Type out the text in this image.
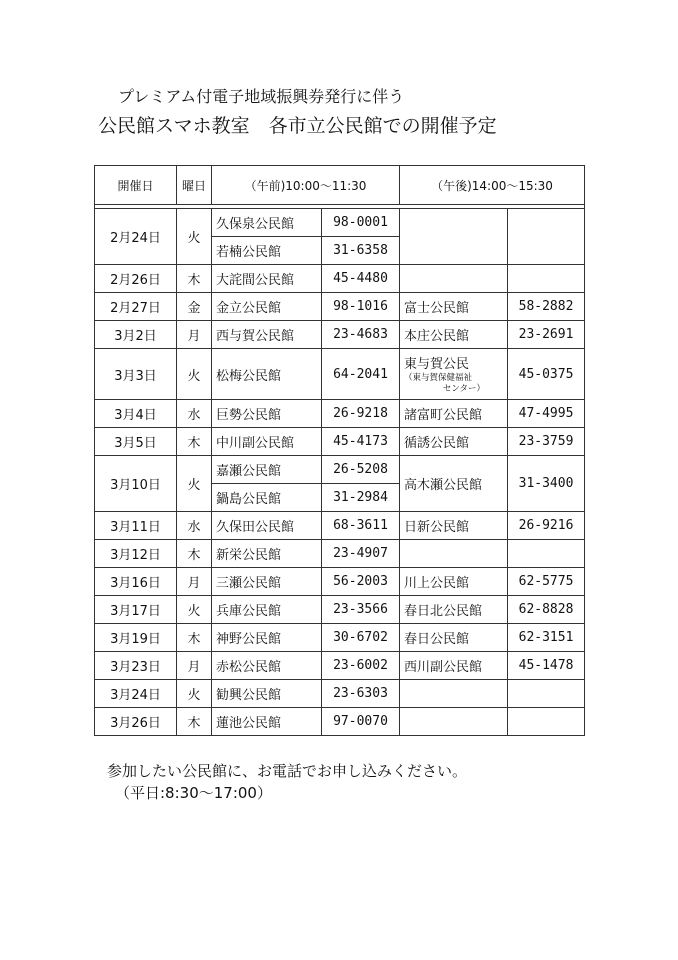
プレミアム付電子地域振興券発行に伴う
公民館スマホ教室　各市立公民館での開催予定
開催日	曜日	（午前)10:00～11:30		（午後)14:00～15:30	

2月24日	火	久保泉公民館	98-0001		
		若楠公民館	31-6358		
2月26日	木	大詫間公民館	45-4480		
2月27日	金	金立公民館	98-1016	富士公民館	58-2882
3月2日	月	西与賀公民館	23-4683	本庄公民館	23-2691
3月3日	火	松梅公民館	64-2041	東与賀公民
（東与賀保健福祉
センター）	45-0375
3月4日	水	巨勢公民館	26-9218	諸富町公民館	47-4995
3月5日	木	中川副公民館	45-4173	循誘公民館	23-3759
3月10日	火	嘉瀬公民館	26-5208	高木瀬公民館	31-3400
		鍋島公民館	31-2984		
3月11日	水	久保田公民館	68-3611	日新公民館	26-9216
3月12日	木	新栄公民館	23-4907		
3月16日	月	三瀬公民館	56-2003	川上公民館	62-5775
3月17日	火	兵庫公民館	23-3566	春日北公民館	62-8828
3月19日	木	神野公民館	30-6702	春日公民館	62-3151
3月23日	月	赤松公民館	23-6002	西川副公民館	45-1478
3月24日	火	勧興公民館	23-6303		
3月26日	木	蓮池公民館	97-0070		
参加したい公民館に、お電話でお申し込みください。
（平日:8:30～17:00）
